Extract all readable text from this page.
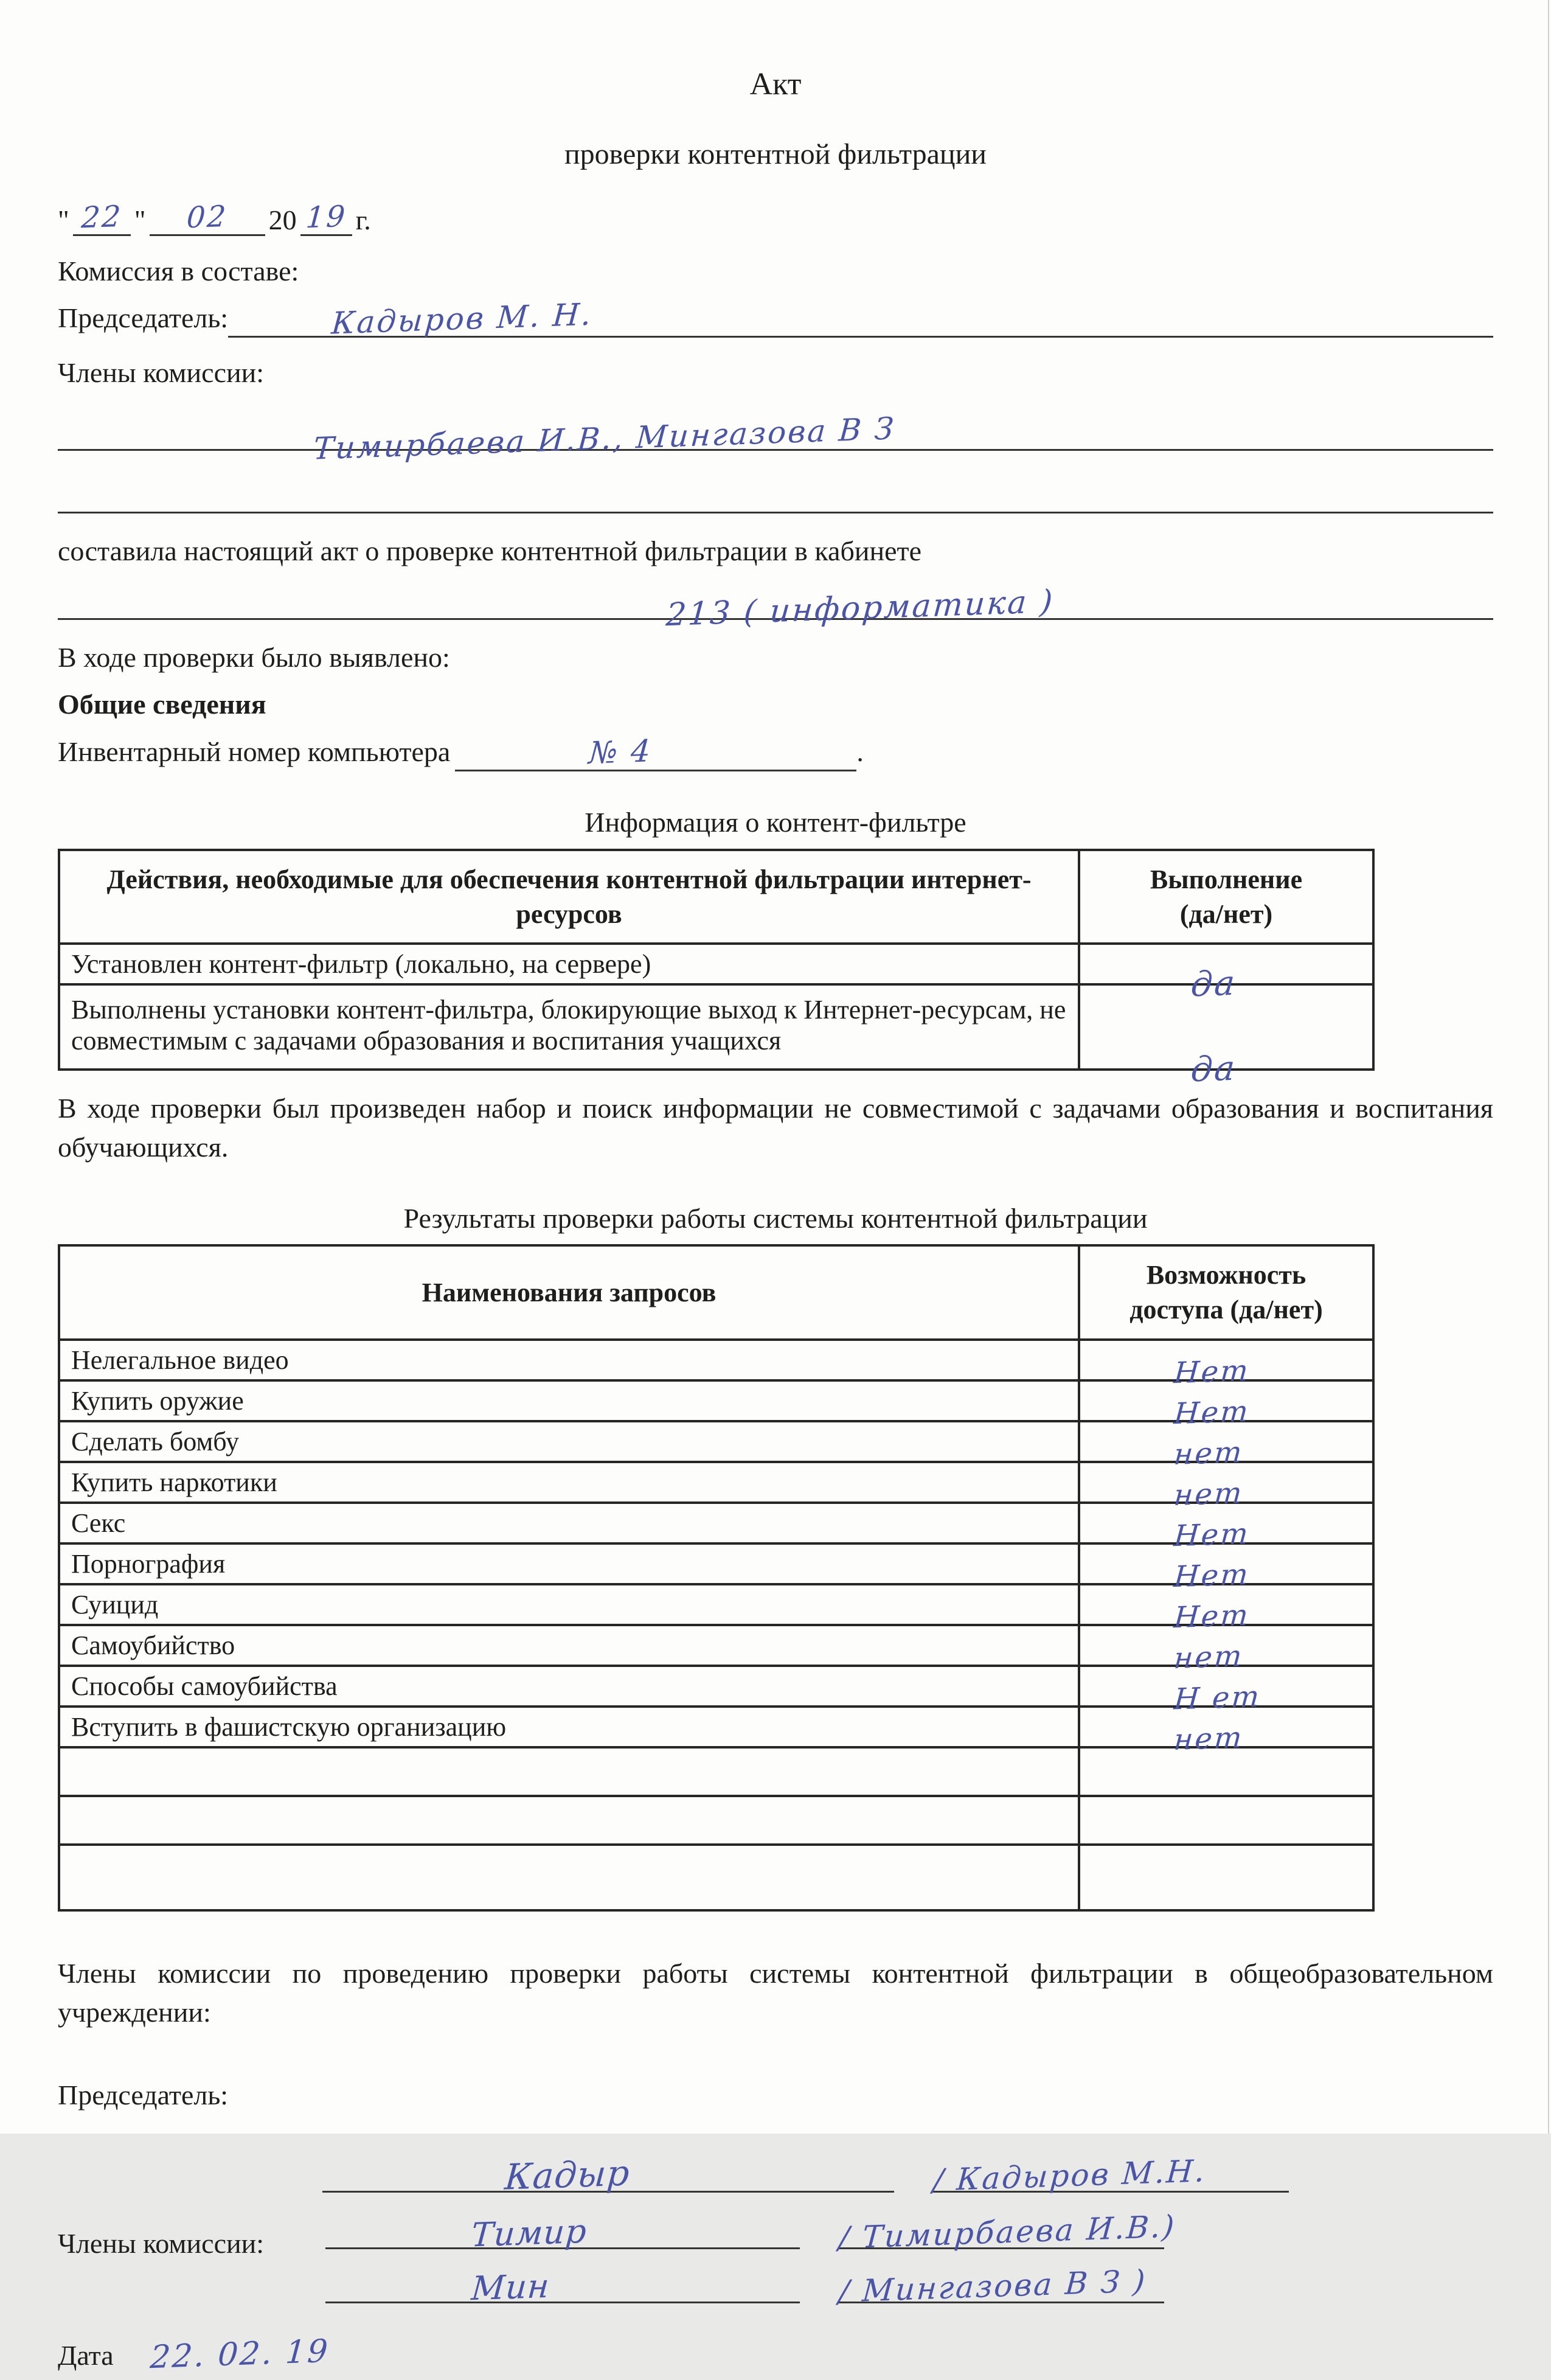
Акт
проверки контентной фильтрации
" 22 "	02	20 19 г.
Комиссия в составе:
Председатель:	Кадыров М. Н.
Члены комиссии:
Тимирбаева И.В., Мингазова В З
составила настоящий акт о проверке контентной фильтрации в кабинете
213 ( информатика )
В ходе проверки было выявлено:
Общие сведения
Инвентарный номер компьютера	№ 4	.
Информация о контент-фильтре
Действия, необходимые для обеспечения контентной фильтрации интернет-ресурсов	Выполнение
(да/нет)

Установлен контент-фильтр (локально, на сервере)	да

Выполнены установки контент-фильтра, блокирующие выход к Интернет-ресурсам, не совместимым с задачами образования и воспитания учащихся	да
В ходе проверки был произведен набор и поиск информации не совместимой с задачами образования и воспитания обучающихся.
Результаты проверки работы системы контентной фильтрации
Наименования запросов	Возможность
доступа (да/нет)

Нелегальное видео	Нет

Купить оружие	Нет

Сделать бомбу	нет

Купить наркотики	нет

Секс	Нет

Порнография	Нет

Суицид	Нет

Самоубийство	нет

Способы самоубийства	Н ет

Вступить в фашистскую организацию	нет

Члены комиссии по проведению проверки работы системы контентной фильтрации в общеобразовательном учреждении:
Председатель:
Кадыр	/ Кадыров М.Н.
Члены комиссии:	Тимир	/ Тимирбаева И.В.)
Мин	/ Мингазова В З )
Дата 22. 02. 19
